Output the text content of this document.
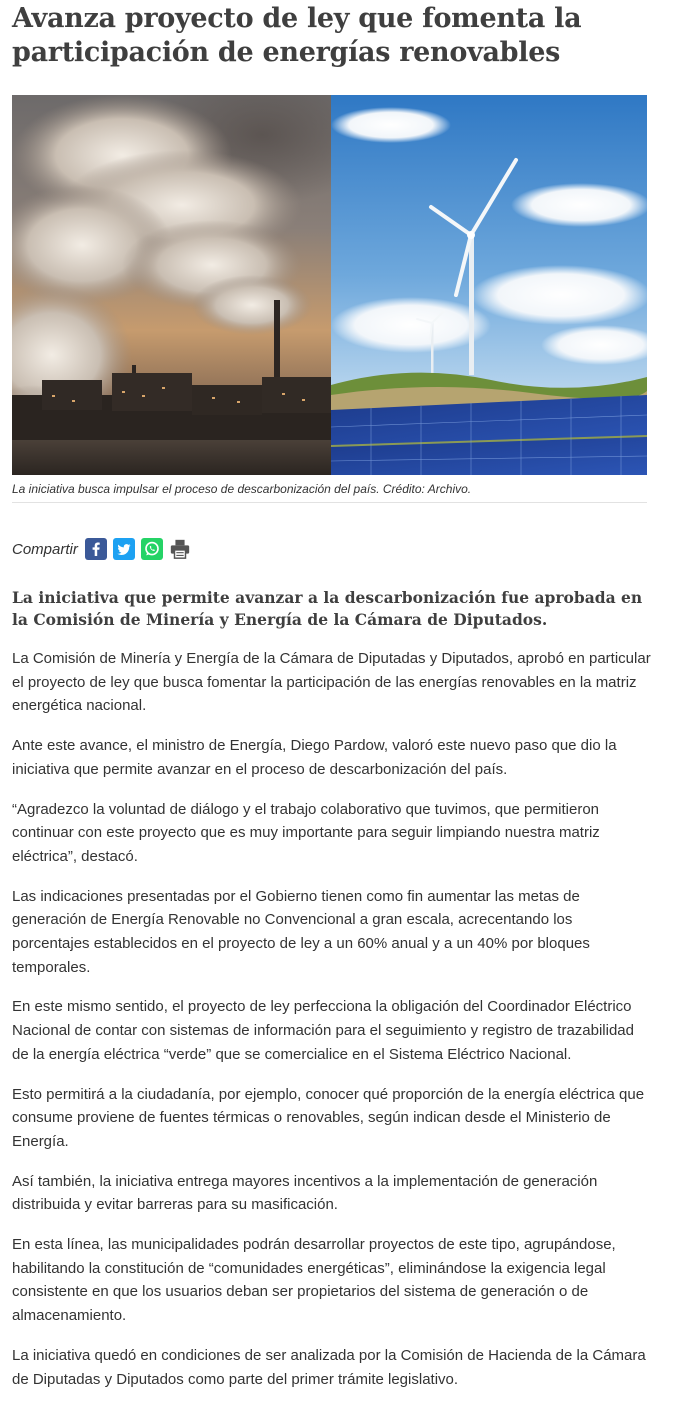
Avanza proyecto de ley que fomenta la participación de energías renovables
La iniciativa busca impulsar el proceso de descarbonización del país. Crédito: Archivo.
Compartir

La iniciativa que permite avanzar a la descarbonización fue aprobada en la Comisión de Minería y Energía de la Cámara de Diputados.

La Comisión de Minería y Energía de la Cámara de Diputadas y Diputados, aprobó en particular el proyecto de ley que busca fomentar la participación de las energías renovables en la matriz energética nacional.

Ante este avance, el ministro de Energía, Diego Pardow, valoró este nuevo paso que dio la iniciativa que permite avanzar en el proceso de descarbonización del país.

“Agradezco la voluntad de diálogo y el trabajo colaborativo que tuvimos, que permitieron continuar con este proyecto que es muy importante para seguir limpiando nuestra matriz eléctrica”, destacó.

Las indicaciones presentadas por el Gobierno tienen como fin aumentar las metas de generación de Energía Renovable no Convencional a gran escala, acrecentando los porcentajes establecidos en el proyecto de ley a un 60% anual y a un 40% por bloques temporales.

En este mismo sentido, el proyecto de ley perfecciona la obligación del Coordinador Eléctrico Nacional de contar con sistemas de información para el seguimiento y registro de trazabilidad de la energía eléctrica “verde” que se comercialice en el Sistema Eléctrico Nacional.

Esto permitirá a la ciudadanía, por ejemplo, conocer qué proporción de la energía eléctrica que consume proviene de fuentes térmicas o renovables, según indican desde el Ministerio de Energía.

Así también, la iniciativa entrega mayores incentivos a la implementación de generación distribuida y evitar barreras para su masificación.

En esta línea, las municipalidades podrán desarrollar proyectos de este tipo, agrupándose, habilitando la constitución de “comunidades energéticas”, eliminándose la exigencia legal consistente en que los usuarios deban ser propietarios del sistema de generación o de almacenamiento.

La iniciativa quedó en condiciones de ser analizada por la Comisión de Hacienda de la Cámara de Diputadas y Diputados como parte del primer trámite legislativo.
